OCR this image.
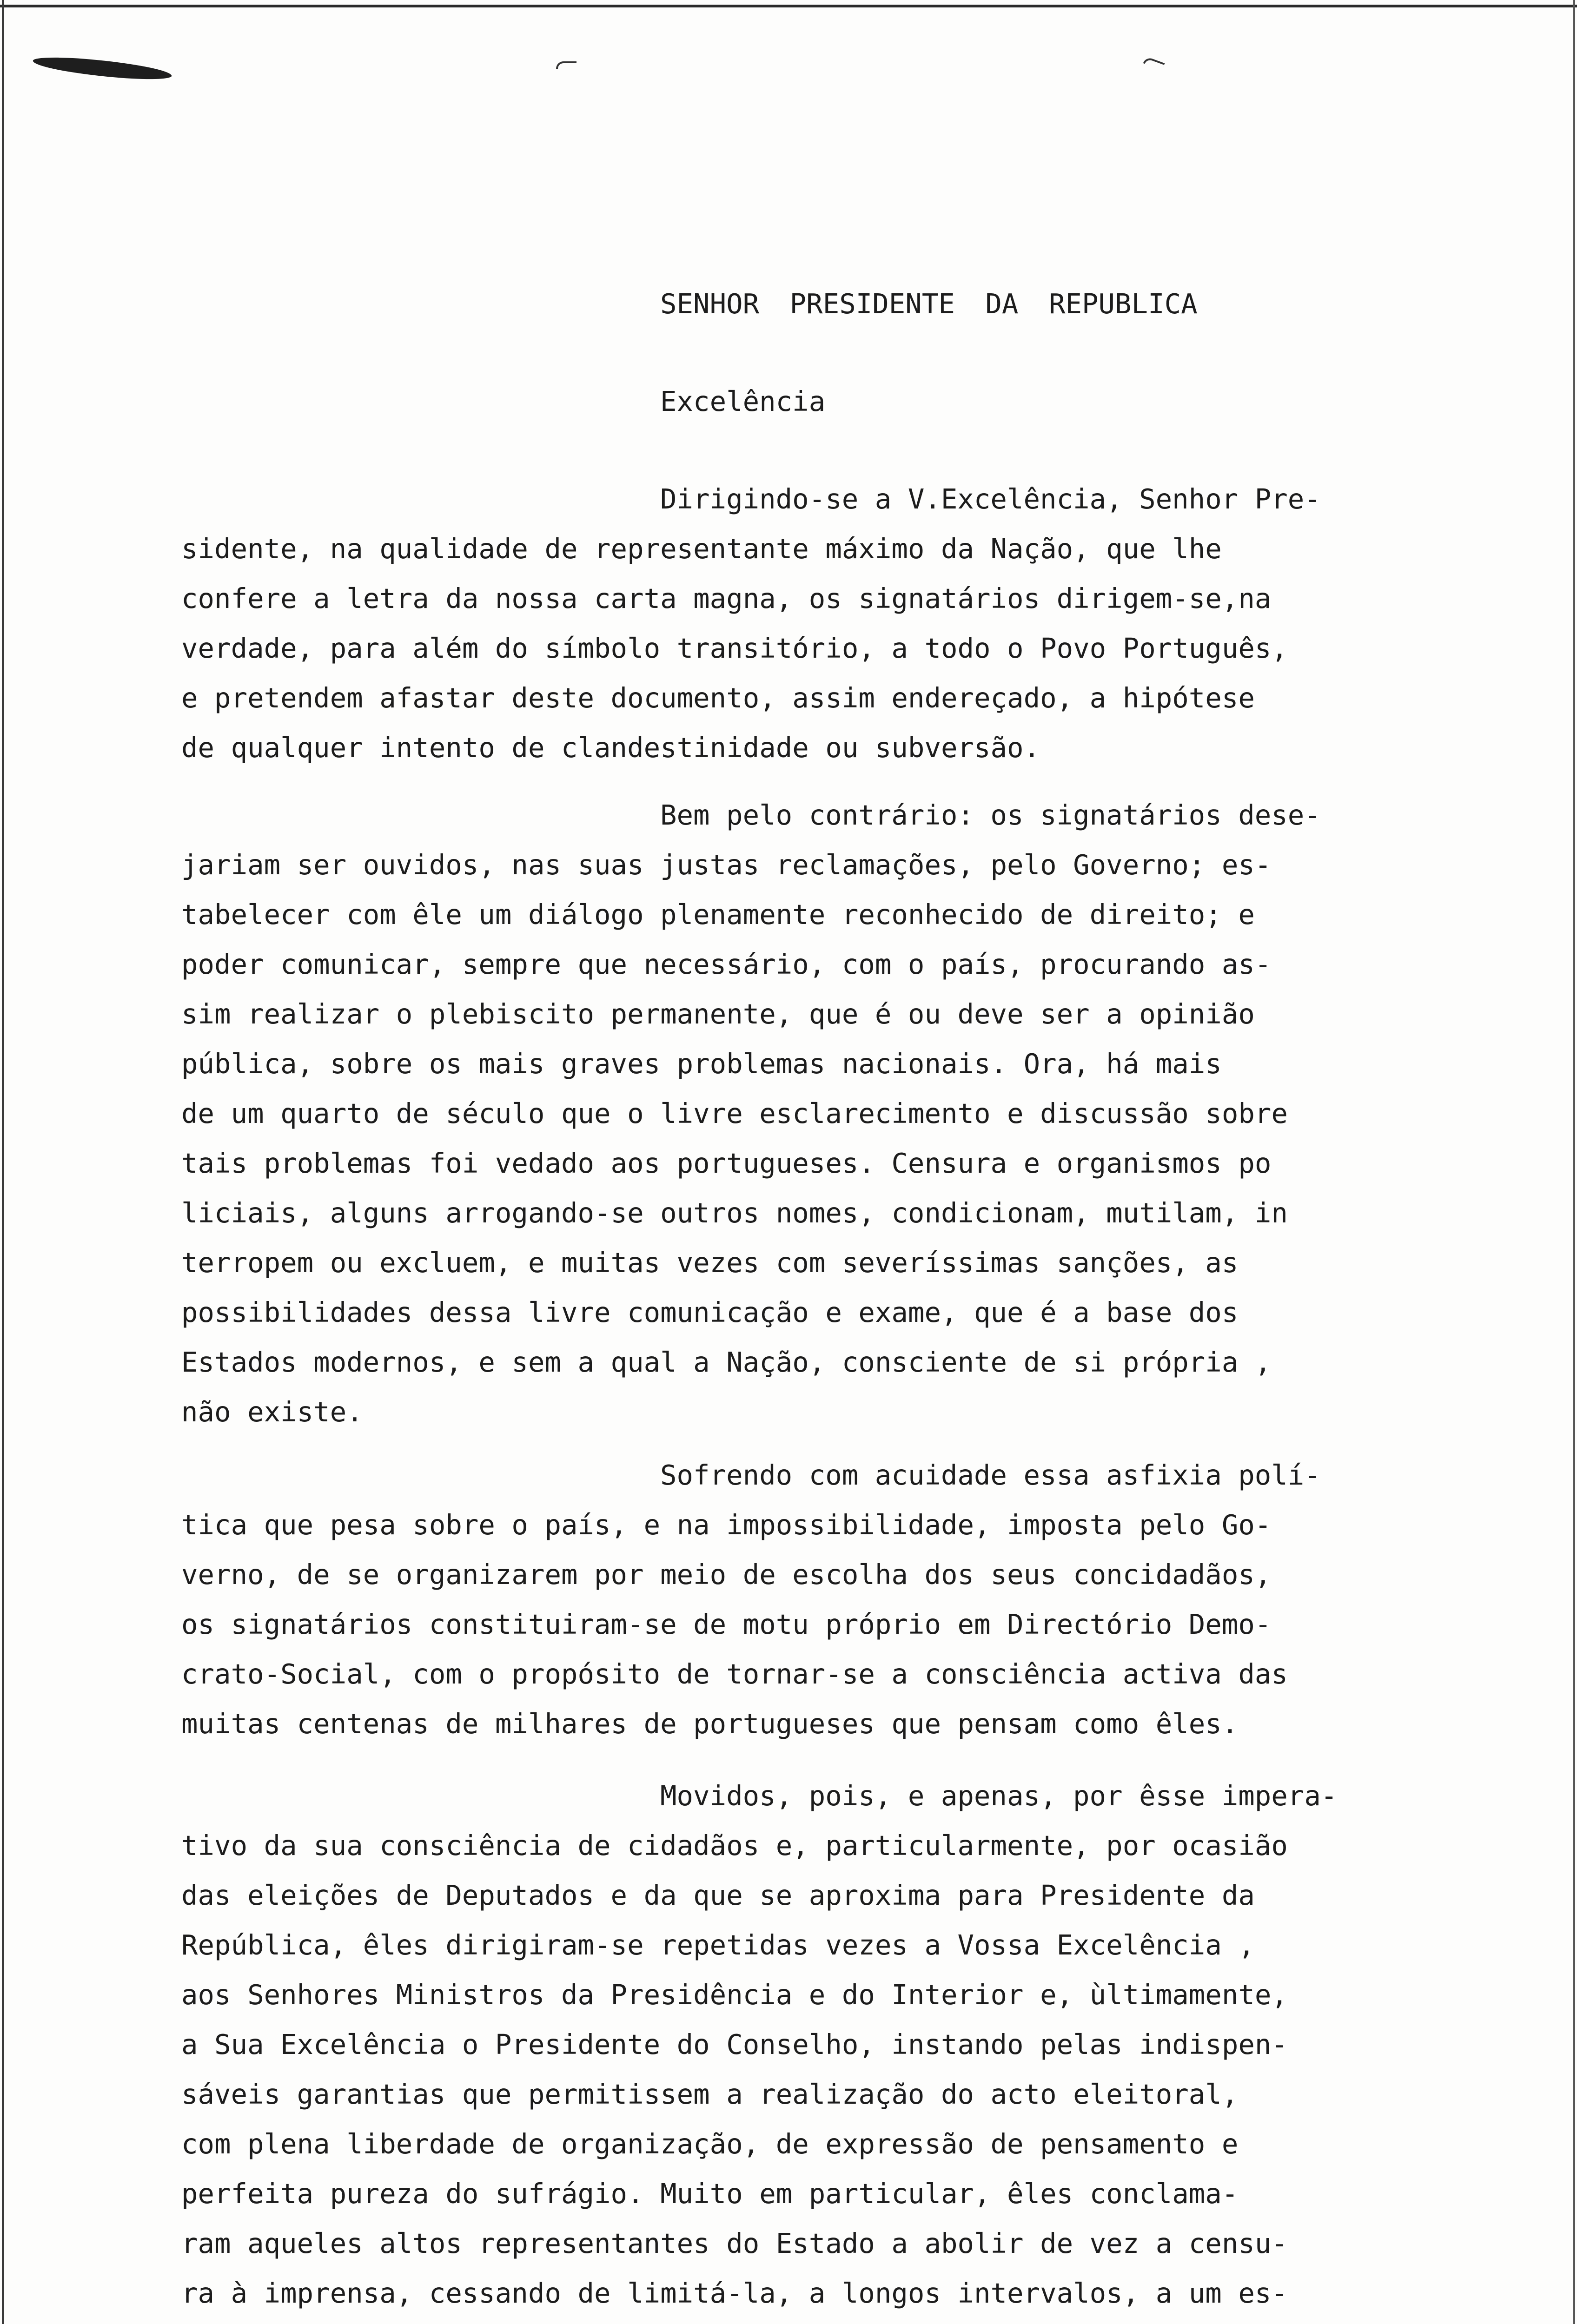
SENHOR PRESIDENTE DA REPUBLICA
Excelência
Dirigindo-se a V.Excelência, Senhor Pre-
sidente, na qualidade de representante máximo da Nação, que lhe
confere a letra da nossa carta magna, os signatários dirigem-se,na
verdade, para além do símbolo transitório, a todo o Povo Português,
e pretendem afastar deste documento, assim endereçado, a hipótese
de qualquer intento de clandestinidade ou subversão.
Bem pelo contrário: os signatários dese-
jariam ser ouvidos, nas suas justas reclamações, pelo Governo; es-
tabelecer com êle um diálogo plenamente reconhecido de direito; e
poder comunicar, sempre que necessário, com o país, procurando as-
sim realizar o plebiscito permanente, que é ou deve ser a opinião
pública, sobre os mais graves problemas nacionais. Ora, há mais
de um quarto de século que o livre esclarecimento e discussão sobre
tais problemas foi vedado aos portugueses. Censura e organismos po
liciais, alguns arrogando-se outros nomes, condicionam, mutilam, in
terropem ou excluem, e muitas vezes com severíssimas sanções, as
possibilidades dessa livre comunicação e exame, que é a base dos
Estados modernos, e sem a qual a Nação, consciente de si própria ,
não existe.
Sofrendo com acuidade essa asfixia polí-
tica que pesa sobre o país, e na impossibilidade, imposta pelo Go-
verno, de se organizarem por meio de escolha dos seus concidadãos,
os signatários constituiram-se de motu próprio em Directório Demo-
crato-Social, com o propósito de tornar-se a consciência activa das
muitas centenas de milhares de portugueses que pensam como êles.
Movidos, pois, e apenas, por êsse impera-
tivo da sua consciência de cidadãos e, particularmente, por ocasião
das eleições de Deputados e da que se aproxima para Presidente da
República, êles dirigiram-se repetidas vezes a Vossa Excelência ,
aos Senhores Ministros da Presidência e do Interior e, ùltimamente,
a Sua Excelência o Presidente do Conselho, instando pelas indispen-
sáveis garantias que permitissem a realização do acto eleitoral,
com plena liberdade de organização, de expressão de pensamento e
perfeita pureza do sufrágio. Muito em particular, êles conclama-
ram aqueles altos representantes do Estado a abolir de vez a censu-
ra à imprensa, cessando de limitá-la, a longos intervalos, a um es-
